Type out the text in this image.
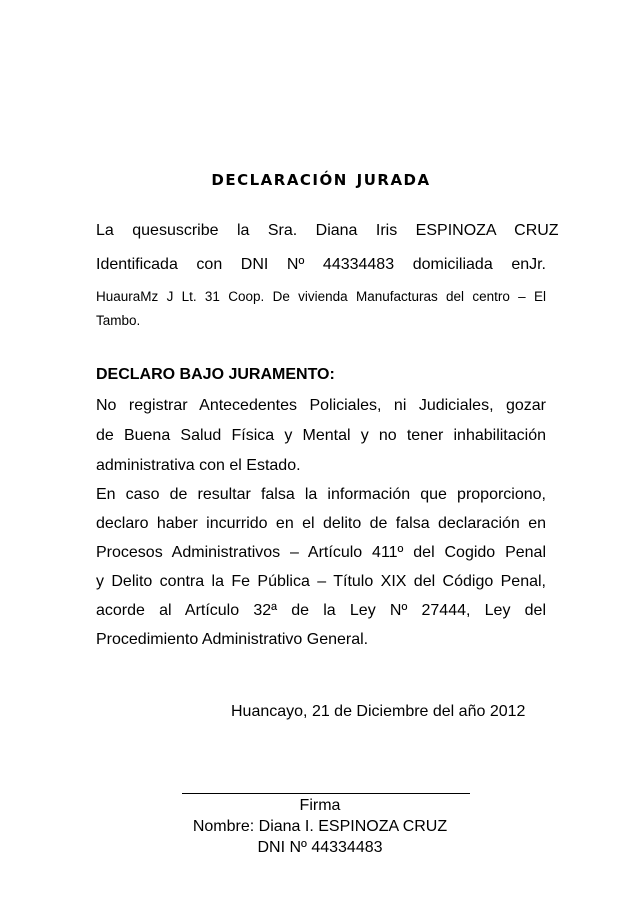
declaración jurada
La quesuscribe la Sra. Diana Iris ESPINOZA CRUZ
Identificada con DNI Nº 44334483 domiciliada enJr.
HuauraMz J Lt. 31 Coop. De vivienda Manufacturas del centro – El
Tambo.
DECLARO BAJO JURAMENTO:
No registrar Antecedentes Policiales, ni Judiciales, gozar
de Buena Salud Física y Mental y no tener inhabilitación
administrativa con el Estado.
En caso de resultar falsa la información que proporciono,
declaro haber incurrido en el delito de falsa declaración en
Procesos Administrativos – Artículo 411º del Cogido Penal
y Delito contra la Fe Pública – Título XIX del Código Penal,
acorde al Artículo 32ª de la Ley Nº 27444, Ley del
Procedimiento Administrativo General.
Huancayo, 21 de Diciembre del año 2012
Firma
Nombre: Diana I. ESPINOZA CRUZ
DNI Nº 44334483
